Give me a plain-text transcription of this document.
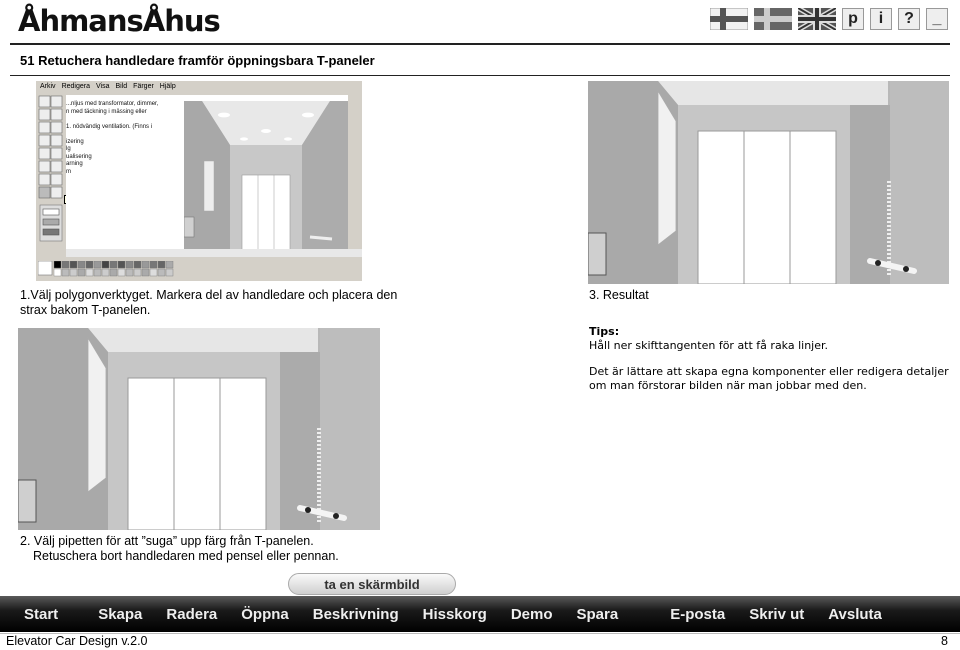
ÅhmansÅhus	p	i	?	_
51 Retuchera handledare framför öppningsbara T-paneler
Arkiv Redigera Visa Bild Färger Hjälp
...nljus med transformator, dimmer,
n med täckning i mässing eller

1. nödvändig ventilation. (Finns i

izering
lg
ualisering
arning
m
1.Välj polygonverktyget. Markera del av handledare och placera den strax bakom T-panelen.
2. Välj pipetten för att ”suga” upp färg från T-panelen.
Retuschera bort handledaren med pensel eller pennan.
3. Resultat
Tips:

Håll ner skifttangenten för att få raka linjer.

Det är lättare att skapa egna komponenter eller redigera detaljer om man förstorar bilden när man jobbar med den.

ta en skärmbild
Start	Skapa	Radera	Öppna	Beskrivning	Hisskorg	Demo	Spara	E-posta	Skriv ut	Avsluta
Elevator Car Design v.2.0	8
